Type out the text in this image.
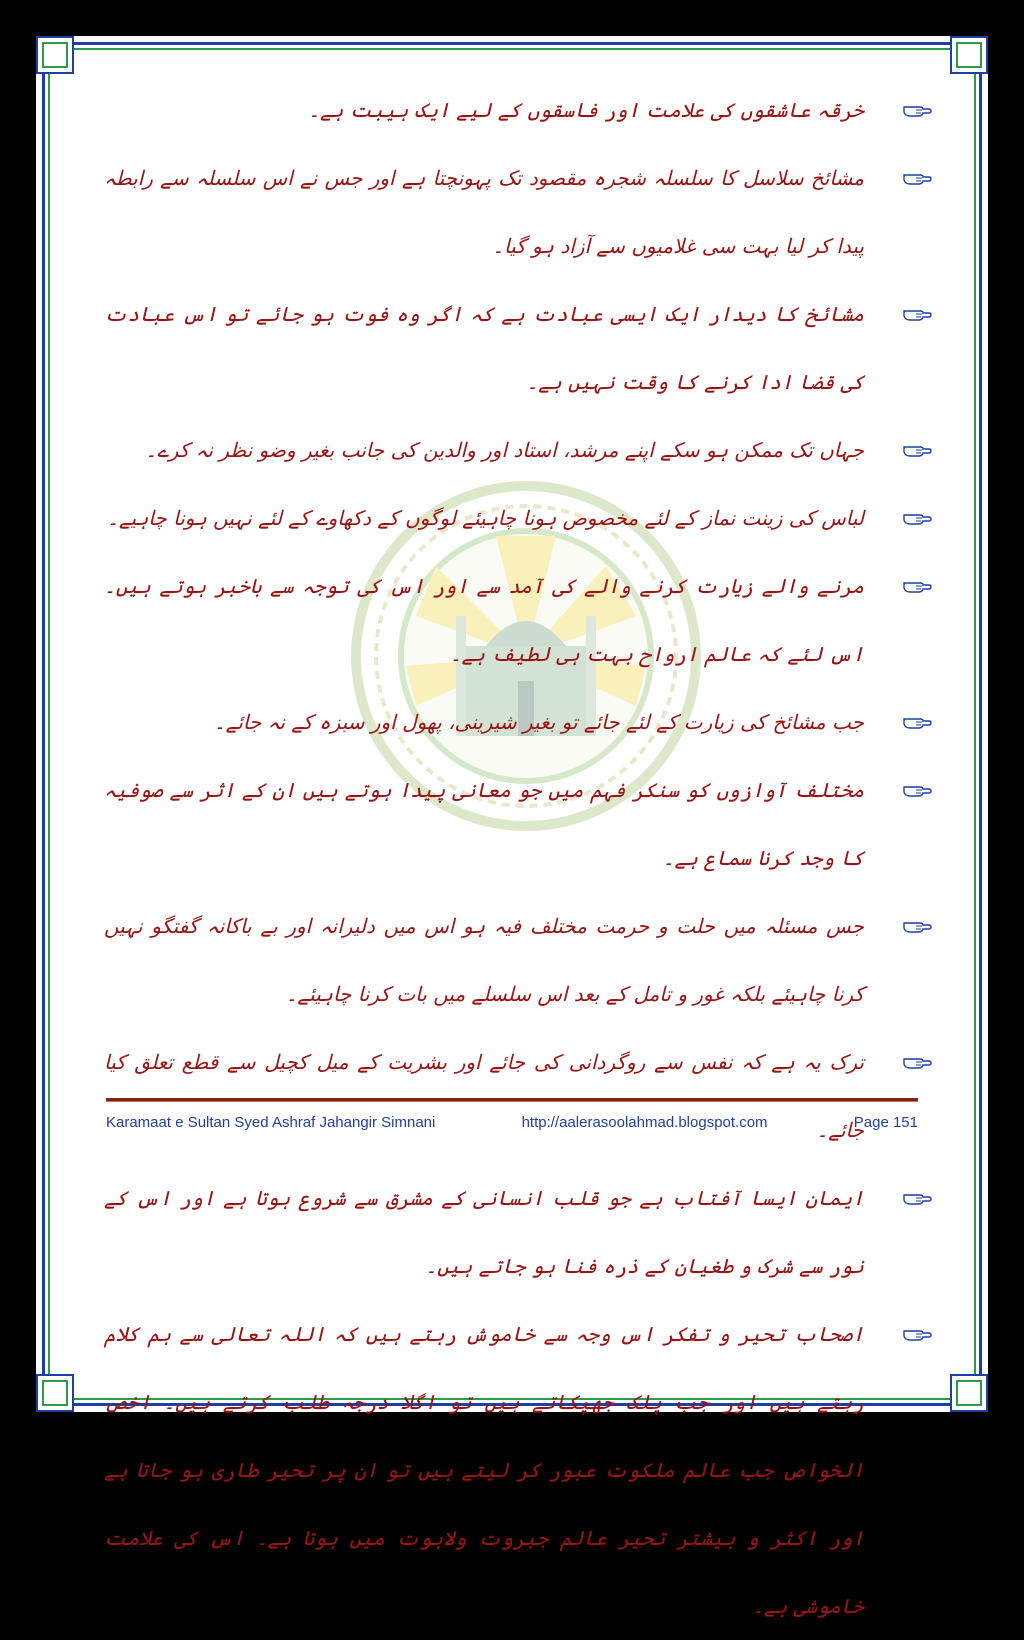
خرقہ عاشقوں کی علامت اور فاسقوں کے لیے ایک ہیبت ہے۔
مشائخ سلاسل کا سلسلہ شجرہ مقصود تک پہونچتا ہے اور جس نے اس سلسلہ سے رابطہ پیدا کر لیا بہت سی غلامیوں سے آزاد ہو گیا۔
مشائخ کا دیدار ایک ایسی عبادت ہے کہ اگر وہ فوت ہو جائے تو اس عبادت کی قضا ادا کرنے کا وقت نہیں ہے۔
جہاں تک ممکن ہو سکے اپنے مرشد، استاد اور والدین کی جانب بغیر وضو نظر نہ کرے۔
لباس کی زینت نماز کے لئے مخصوص ہونا چاہیئے لوگوں کے دکھاوے کے لئے نہیں ہونا چاہیے۔
مرنے والے زیارت کرنے والے کی آمد سے اور اس کی توجہ سے باخبر ہوتے ہیں۔ اس لئے کہ عالم ارواح بہت ہی لطیف ہے۔
جب مشائخ کی زیارت کے لئے جائے تو بغیر شیرینی، پھول اور سبزہ کے نہ جائے۔
مختلف آوازوں کو سنکر فہم میں جو معانی پیدا ہوتے ہیں ان کے اثر سے صوفیہ کا وجد کرنا سماع ہے۔
جس مسئلہ میں حلت و حرمت مختلف فیہ ہو اس میں دلیرانہ اور بے باکانہ گفتگو نہیں کرنا چاہیئے بلکہ غور و تامل کے بعد اس سلسلے میں بات کرنا چاہیئے۔
ترک یہ ہے کہ نفس سے روگردانی کی جائے اور بشریت کے میل کچیل سے قطع تعلق کیا جائے۔
ایمان ایسا آفتاب ہے جو قلب انسانی کے مشرق سے شروع ہوتا ہے اور اس کے نور سے شرک و طغیان کے ذرہ فنا ہو جاتے ہیں۔
اصحاب تحیر و تفکر اس وجہ سے خاموش رہتے ہیں کہ اللہ تعالی سے ہم کلام رہتے ہیں اور جب پلک جھپکاتے ہیں تو اگلا درجہ طلب کرتے ہیں۔ اخص الخواص جب عالم ملکوت عبور کر لیتے ہیں تو ان پر تحیر طاری ہو جاتا ہے اور اکثر و بیشتر تحیر عالم جبروت ولاہوت میں ہوتا ہے۔ اس کی علامت خاموشی ہے۔
Karamaat e Sultan Syed Ashraf Jahangir Simnani	http://aalerasoolahmad.blogspot.com	Page 151
